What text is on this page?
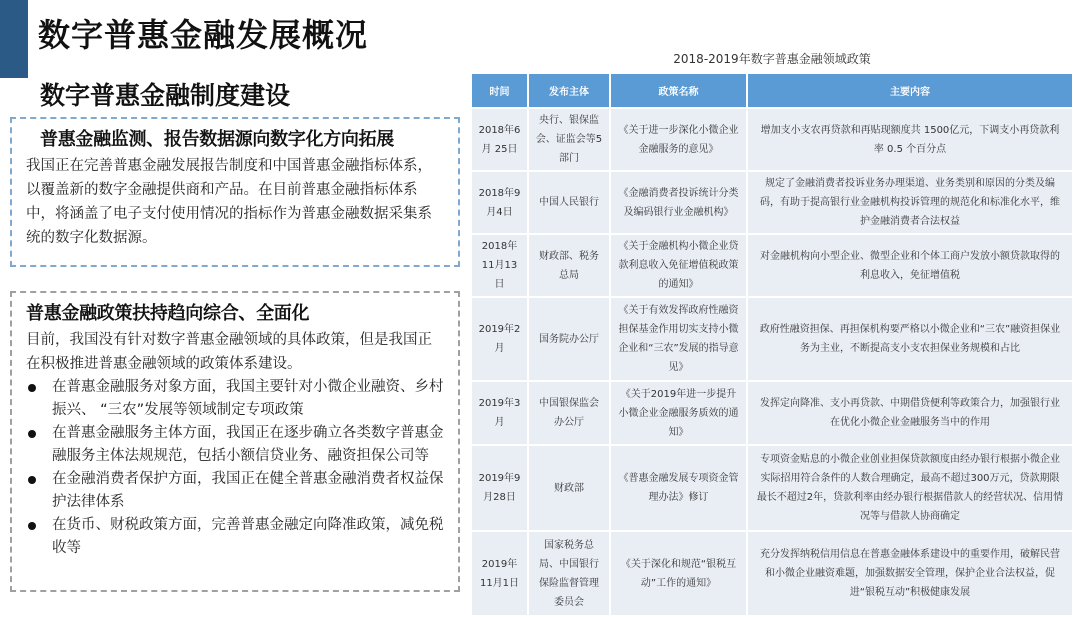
数字普惠金融发展概况
数字普惠金融制度建设
普惠金融监测、报告数据源向数字化方向拓展

我国正在完善普惠金融发展报告制度和中国普惠金融指标体系，以覆盖新的数字金融提供商和产品。在目前普惠金融指标体系中，将涵盖了电子支付使用情况的指标作为普惠金融数据采集系统的数字化数据源。

普惠金融政策扶持趋向综合、全面化

目前，我国没有针对数字普惠金融领域的具体政策，但是我国正在积极推进普惠金融领域的政策体系建设。

在普惠金融服务对象方面，我国主要针对小微企业融资、乡村振兴、 “三农”发展等领域制定专项政策
在普惠金融服务主体方面，我国正在逐步确立各类数字普惠金融服务主体法规规范，包括小额信贷业务、融资担保公司等
在金融消费者保护方面，我国正在健全普惠金融消费者权益保护法律体系
在货币、财税政策方面，完善普惠金融定向降准政策，减免税收等
2018-2019年数字普惠金融领域政策
时间	发布主体	政策名称	主要内容
2018年6月 25日	央行、银保监会、证监会等5部门	《关于进一步深化小微企业金融服务的意见》	增加支小支农再贷款和再贴现额度共 1500亿元，下调支小再贷款利率 0.5 个百分点
2018年9月4日	中国人民银行	《金融消费者投诉统计分类及编码银行业金融机构》	规定了金融消费者投诉业务办理渠道、业务类别和原因的分类及编码，有助于提高银行业金融机构投诉管理的规范化和标准化水平，维护金融消费者合法权益
2018年11月13日	财政部、税务总局	《关于金融机构小微企业贷款利息收入免征增值税政策的通知》	对金融机构向小型企业、微型企业和个体工商户发放小额贷款取得的利息收入，免征增值税
2019年2月	国务院办公厅	《关于有效发挥政府性融资担保基金作用切实支持小微企业和“三农”发展的指导意见》	政府性融资担保、再担保机构要严格以小微企业和“三农”融资担保业务为主业，不断提高支小支农担保业务规模和占比
2019年3月	中国银保监会办公厅	《关于2019年进一步提升小微企业金融服务质效的通知》	发挥定向降准、支小再贷款、中期借贷便利等政策合力，加强银行业在优化小微企业金融服务当中的作用
2019年9月28日	财政部	《普惠金融发展专项资金管理办法》修订	专项资金贴息的小微企业创业担保贷款额度由经办银行根据小微企业实际招用符合条件的人数合理确定，最高不超过300万元，贷款期限最长不超过2年，贷款利率由经办银行根据借款人的经营状况、信用情况等与借款人协商确定
2019年11月1日	国家税务总局、中国银行保险监督管理委员会	《关于深化和规范“银税互动”工作的通知》	充分发挥纳税信用信息在普惠金融体系建设中的重要作用，破解民营和小微企业融资难题，加强数据安全管理，保护企业合法权益，促进“银税互动”积极健康发展
